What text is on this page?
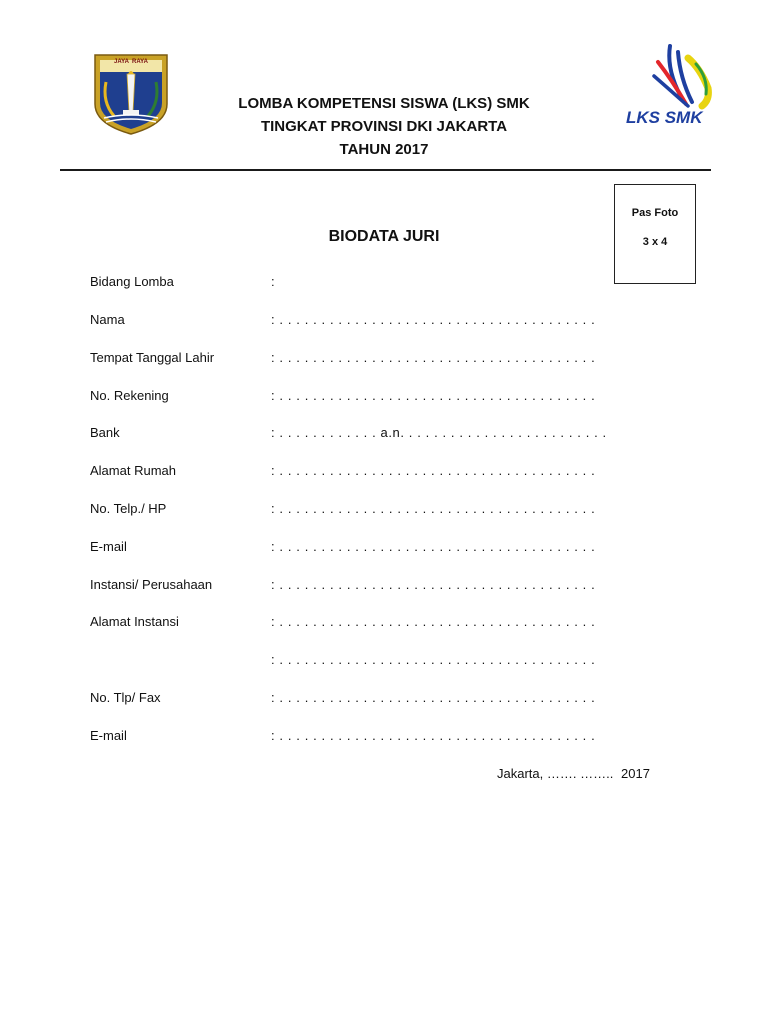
JAYA  RAYA
LKS SMK
LOMBA KOMPETENSI SISWA (LKS) SMK
TINGKAT PROVINSI DKI JAKARTA
TAHUN 2017
Pas Foto
3 x 4
BIODATA JURI
Bidang Lomba	:
Nama	: . . . . . . . . . . . . . . . . . . . . . . . . . . . . . . . . . . . . . .
Tempat Tanggal Lahir	: . . . . . . . . . . . . . . . . . . . . . . . . . . . . . . . . . . . . . .
No. Rekening	: . . . . . . . . . . . . . . . . . . . . . . . . . . . . . . . . . . . . . .
Bank	: . . . . . . . . . . . . a.n. . . . . . . . . . . . . . . . . . . . . . . . .
Alamat Rumah	: . . . . . . . . . . . . . . . . . . . . . . . . . . . . . . . . . . . . . .
No. Telp./ HP	: . . . . . . . . . . . . . . . . . . . . . . . . . . . . . . . . . . . . . .
E-mail	: . . . . . . . . . . . . . . . . . . . . . . . . . . . . . . . . . . . . . .
Instansi/ Perusahaan	: . . . . . . . . . . . . . . . . . . . . . . . . . . . . . . . . . . . . . .
Alamat Instansi	: . . . . . . . . . . . . . . . . . . . . . . . . . . . . . . . . . . . . . .
: . . . . . . . . . . . . . . . . . . . . . . . . . . . . . . . . . . . . . .
No. Tlp/ Fax	: . . . . . . . . . . . . . . . . . . . . . . . . . . . . . . . . . . . . . .
E-mail	: . . . . . . . . . . . . . . . . . . . . . . . . . . . . . . . . . . . . . .
Jakarta, ……. …….. 2017
